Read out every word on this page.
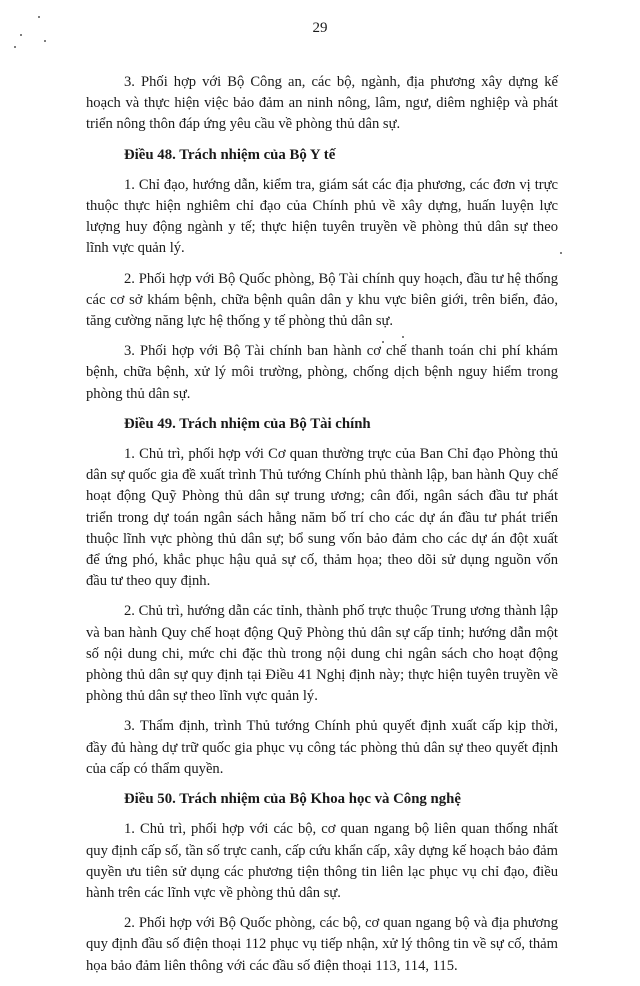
29

3. Phối hợp với Bộ Công an, các bộ, ngành, địa phương xây dựng kế hoạch và thực hiện việc bảo đảm an ninh nông, lâm, ngư, diêm nghiệp và phát triển nông thôn đáp ứng yêu cầu về phòng thủ dân sự.

Điều 48. Trách nhiệm của Bộ Y tế

1. Chỉ đạo, hướng dẫn, kiểm tra, giám sát các địa phương, các đơn vị trực thuộc thực hiện nghiêm chỉ đạo của Chính phủ về xây dựng, huấn luyện lực lượng huy động ngành y tế; thực hiện tuyên truyền về phòng thủ dân sự theo lĩnh vực quản lý.

2. Phối hợp với Bộ Quốc phòng, Bộ Tài chính quy hoạch, đầu tư hệ thống các cơ sở khám bệnh, chữa bệnh quân dân y khu vực biên giới, trên biển, đảo, tăng cường năng lực hệ thống y tế phòng thủ dân sự.

3. Phối hợp với Bộ Tài chính ban hành cơ chế thanh toán chi phí khám bệnh, chữa bệnh, xử lý môi trường, phòng, chống dịch bệnh nguy hiểm trong phòng thủ dân sự.

Điều 49. Trách nhiệm của Bộ Tài chính

1. Chủ trì, phối hợp với Cơ quan thường trực của Ban Chỉ đạo Phòng thủ dân sự quốc gia đề xuất trình Thủ tướng Chính phủ thành lập, ban hành Quy chế hoạt động Quỹ Phòng thủ dân sự trung ương; cân đối, ngân sách đầu tư phát triển trong dự toán ngân sách hằng năm bố trí cho các dự án đầu tư phát triển thuộc lĩnh vực phòng thủ dân sự; bổ sung vốn bảo đảm cho các dự án đột xuất để ứng phó, khắc phục hậu quả sự cố, thảm họa; theo dõi sử dụng nguồn vốn đầu tư theo quy định.

2. Chủ trì, hướng dẫn các tỉnh, thành phố trực thuộc Trung ương thành lập và ban hành Quy chế hoạt động Quỹ Phòng thủ dân sự cấp tỉnh; hướng dẫn một số nội dung chi, mức chi đặc thù trong nội dung chi ngân sách cho hoạt động phòng thủ dân sự quy định tại Điều 41 Nghị định này; thực hiện tuyên truyền về phòng thủ dân sự theo lĩnh vực quản lý.

3. Thẩm định, trình Thủ tướng Chính phủ quyết định xuất cấp kịp thời, đầy đủ hàng dự trữ quốc gia phục vụ công tác phòng thủ dân sự theo quyết định của cấp có thẩm quyền.

Điều 50. Trách nhiệm của Bộ Khoa học và Công nghệ

1. Chủ trì, phối hợp với các bộ, cơ quan ngang bộ liên quan thống nhất quy định cấp số, tần số trực canh, cấp cứu khẩn cấp, xây dựng kế hoạch bảo đảm quyền ưu tiên sử dụng các phương tiện thông tin liên lạc phục vụ chỉ đạo, điều hành trên các lĩnh vực về phòng thủ dân sự.

2. Phối hợp với Bộ Quốc phòng, các bộ, cơ quan ngang bộ và địa phương quy định đầu số điện thoại 112 phục vụ tiếp nhận, xử lý thông tin về sự cố, thảm họa bảo đảm liên thông với các đầu số điện thoại 113, 114, 115.
